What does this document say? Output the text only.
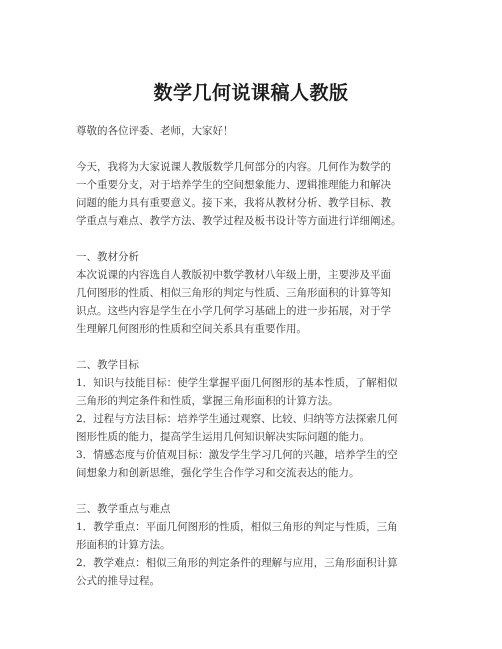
数学几何说课稿人教版

尊敬的各位评委、老师，大家好！

今天，我将为大家说课人教版数学几何部分的内容。几何作为数学的
一个重要分支，对于培养学生的空间想象能力、逻辑推理能力和解决
问题的能力具有重要意义。接下来，我将从教材分析、教学目标、教
学重点与难点、教学方法、教学过程及板书设计等方面进行详细阐述。

一、教材分析
本次说课的内容选自人教版初中数学教材八年级上册，主要涉及平面
几何图形的性质、相似三角形的判定与性质、三角形面积的计算等知
识点。这些内容是学生在小学几何学习基础上的进一步拓展，对于学
生理解几何图形的性质和空间关系具有重要作用。

二、教学目标
1．知识与技能目标：使学生掌握平面几何图形的基本性质，了解相似
三角形的判定条件和性质，掌握三角形面积的计算方法。
2．过程与方法目标：培养学生通过观察、比较、归纳等方法探索几何
图形性质的能力，提高学生运用几何知识解决实际问题的能力。
3．情感态度与价值观目标：激发学生学习几何的兴趣，培养学生的空
间想象力和创新思维，强化学生合作学习和交流表达的能力。

三、教学重点与难点
1．教学重点：平面几何图形的性质，相似三角形的判定与性质，三角
形面积的计算方法。
2．教学难点：相似三角形的判定条件的理解与应用，三角形面积计算
公式的推导过程。
